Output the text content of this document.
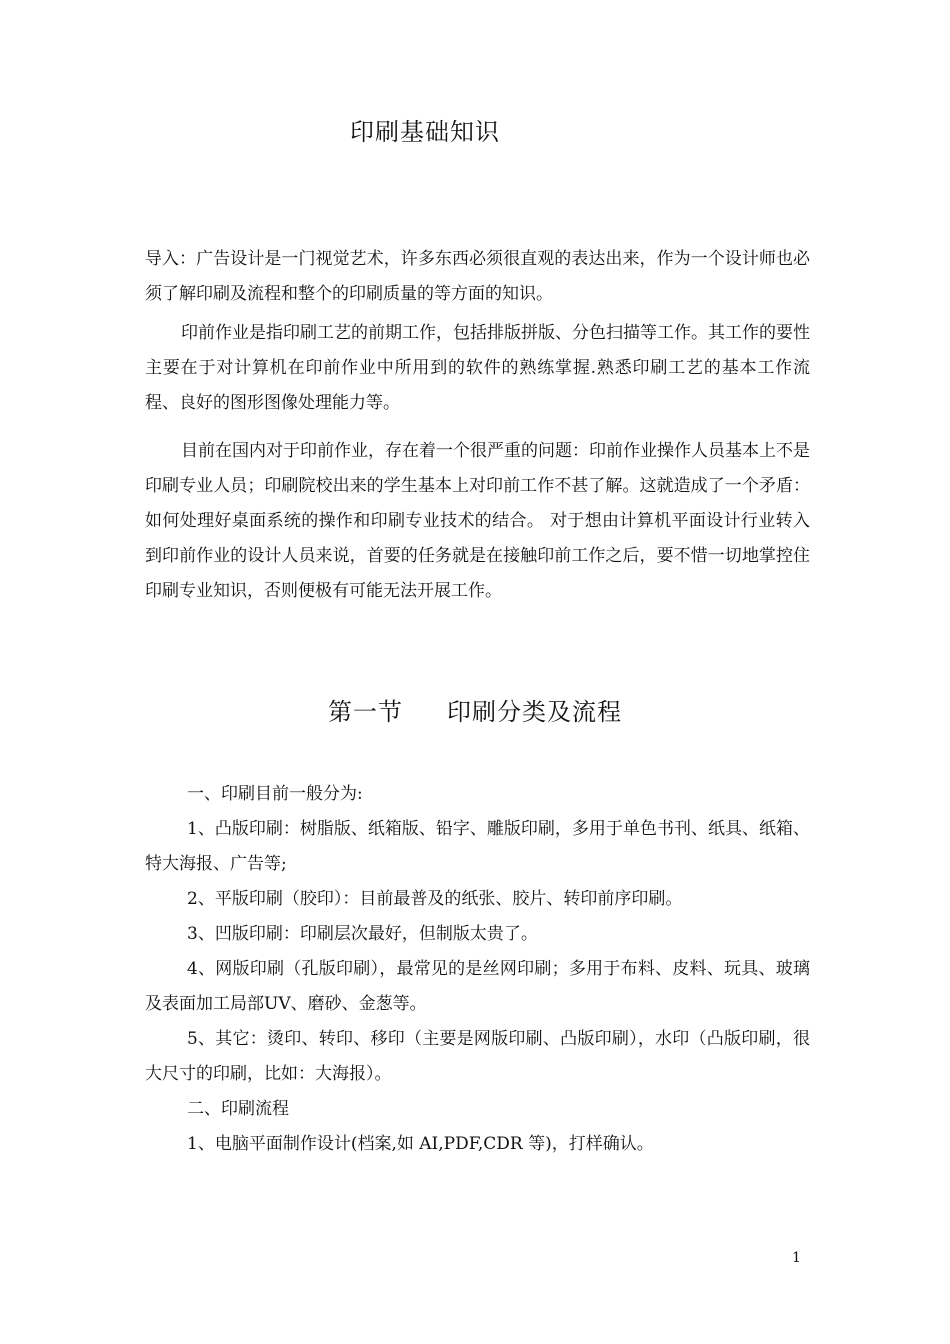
印刷基础知识

导入：广告设计是一门视觉艺术，许多东西必须很直观的表达出来，作为一个设计师也必须了解印刷及流程和整个的印刷质量的等方面的知识。

印前作业是指印刷工艺的前期工作，包括排版拼版、分色扫描等工作。其工作的要性主要在于对计算机在印前作业中所用到的软件的熟练掌握.熟悉印刷工艺的基本工作流程、良好的图形图像处理能力等。

目前在国内对于印前作业，存在着一个很严重的问题：印前作业操作人员基本上不是印刷专业人员；印刷院校出来的学生基本上对印前工作不甚了解。这就造成了一个矛盾：如何处理好桌面系统的操作和印刷专业技术的结合。 对于想由计算机平面设计行业转入到印前作业的设计人员来说，首要的任务就是在接触印前工作之后，要不惜一切地掌控住印刷专业知识，否则便极有可能无法开展工作。

第一节 印刷分类及流程

一、印刷目前一般分为:

1、凸版印刷：树脂版、纸箱版、铅字、雕版印刷，多用于单色书刊、纸具、纸箱、特大海报、广告等;

2、平版印刷（胶印）：目前最普及的纸张、胶片、转印前序印刷。

3、凹版印刷：印刷层次最好，但制版太贵了。

4、网版印刷（孔版印刷），最常见的是丝网印刷；多用于布料、皮料、玩具、玻璃及表面加工局部UV、磨砂、金葱等。

5、其它：烫印、转印、移印（主要是网版印刷、凸版印刷），水印（凸版印刷，很大尺寸的印刷，比如：大海报）。

二、印刷流程

1、电脑平面制作设计(档案,如 AI,PDF,CDR 等)，打样确认。

1
